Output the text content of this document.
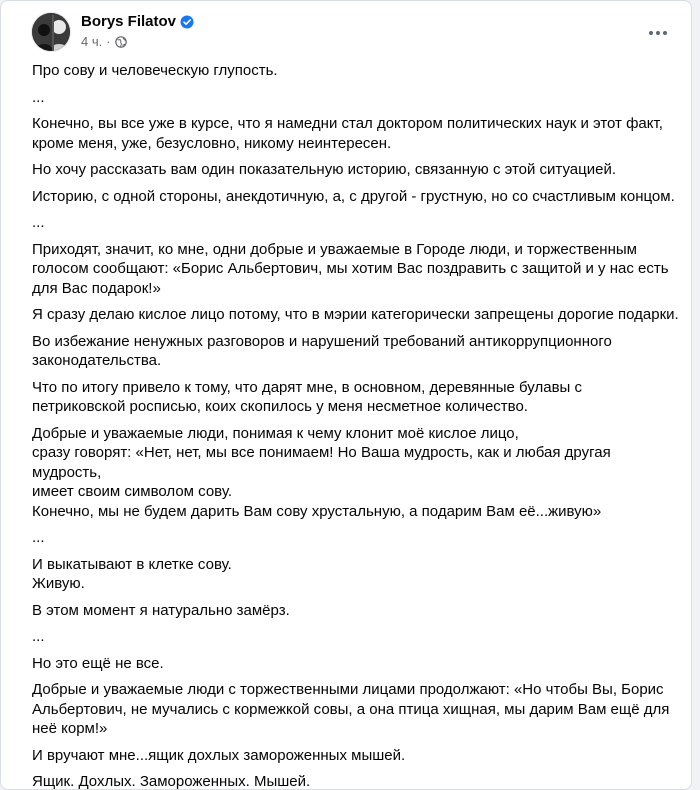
Borys Filatov
4 ч. ·

Про сову и человеческую глупость.

...

Конечно, вы все уже в курсе, что я намедни стал доктором политических наук и этот факт,
кроме меня, уже, безусловно, никому неинтересен.

Но хочу рассказать вам один показательную историю, связанную с этой ситуацией.

Историю, с одной стороны, анекдотичную, а, с другой - грустную, но со счастливым концом.

...

Приходят, значит, ко мне, одни добрые и уважаемые в Городе люди, и торжественным
голосом сообщают: «Борис Альбертович, мы хотим Вас поздравить с защитой и у нас есть
для Вас подарок!»

Я сразу делаю кислое лицо потому, что в мэрии категорически запрещены дорогие подарки.

Во избежание ненужных разговоров и нарушений требований антикоррупционного
законодательства.

Что по итогу привело к тому, что дарят мне, в основном, деревянные булавы с
петриковской росписью, коих скопилось у меня несметное количество.

Добрые и уважаемые люди, понимая к чему клонит моё кислое лицо,
сразу говорят: «Нет, нет, мы все понимаем! Но Ваша мудрость, как и любая другая мудрость,
имеет своим символом сову.
Конечно, мы не будем дарить Вам сову хрустальную, а подарим Вам её...живую»

...

И выкатывают в клетке сову.
Живую.

В этом момент я натурально замёрз.

...

Но это ещё не все.

Добрые и уважаемые люди с торжественными лицами продолжают: «Но чтобы Вы, Борис
Альбертович, не мучались с кормежкой совы, а она птица хищная, мы дарим Вам ещё для
неё корм!»

И вручают мне...ящик дохлых замороженных мышей.

Ящик. Дохлых. Замороженных. Мышей.
